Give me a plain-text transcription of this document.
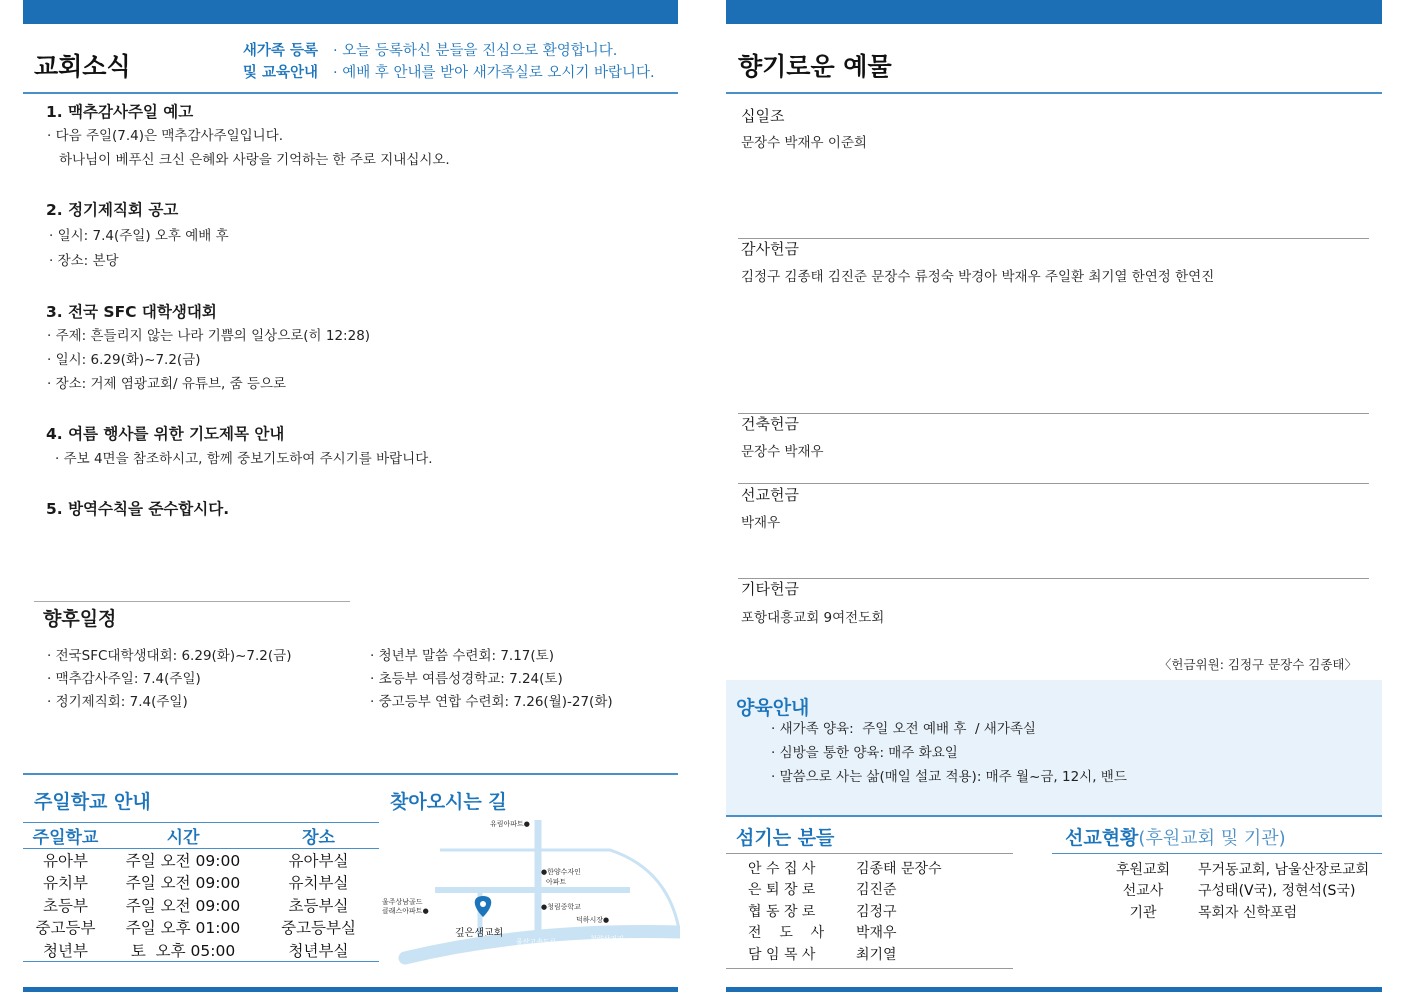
교회소식
새가족 등록
및 교육안내
· 오늘 등록하신 분들을 진심으로 환영합니다.
· 예배 후 안내를 받아 새가족실로 오시기 바랍니다.
1. 맥추감사주일 예고
· 다음 주일(7.4)은 맥추감사주일입니다.
하나님이 베푸신 크신 은혜와 사랑을 기억하는 한 주로 지내십시오.
2. 정기제직회 공고
· 일시: 7.4(주일) 오후 예배 후
· 장소: 본당
3. 전국 SFC 대학생대회
· 주제: 흔들리지 않는 나라 기쁨의 일상으로(히 12:28)
· 일시: 6.29(화)~7.2(금)
· 장소: 거제 염광교회/ 유튜브, 줌 등으로
4. 여름 행사를 위한 기도제목 안내
· 주보 4면을 참조하시고, 함께 중보기도하여 주시기를 바랍니다.
5. 방역수칙을 준수합시다.
향후일정
· 전국SFC대학생대회: 6.29(화)~7.2(금)
· 맥추감사주일: 7.4(주일)
· 정기제직회: 7.4(주일)
· 청년부 말씀 수련회: 7.17(토)
· 초등부 여름성경학교: 7.24(토)
· 중고등부 연합 수련회: 7.26(월)-27(화)
주일학교 안내
주일학교	시간	장소
유아부	주일 오전 09:00	유아부실
유치부	주일 오전 09:00	유치부실
초등부	주일 오전 09:00	초등부실
중고등부	주일 오후 01:00	중고등부실
청년부	토  오후 05:00	청년부실
찾아오시는 길
유림아파트●
●한양수자인
아파트
●청림중학교
덕하시장●
울주상남골드
클래스아파트●
깊은샘교회
울산고속도로	청량삼거리
향기로운 예물
십일조
문장수 박재우 이준희
감사헌금
김정구 김종태 김진준 문장수 류정숙 박경아 박재우 주일환 최기열 한연정 한연진
건축헌금
문장수 박재우
선교헌금
박재우
기타헌금
포항대흥교회 9여전도회
〈헌금위원: 김정구 문장수 김종태〉
양육안내
· 새가족 양육:  주일 오전 예배 후  / 새가족실
· 심방을 통한 양육: 매주 화요일
· 말씀으로 사는 삶(매일 설교 적용): 매주 월~금, 12시, 밴드
섬기는 분들
안 수 집 사	김종태 문장수
은 퇴 장 로	김진준
협 동 장 로	김정구
전    도    사	박재우
담 임 목 사	최기열
선교현황(후원교회 및 기관)
후원교회	무거동교회, 남울산장로교회
선교사	구성태(V국), 정현석(S국)
기관	목회자 신학포럼
